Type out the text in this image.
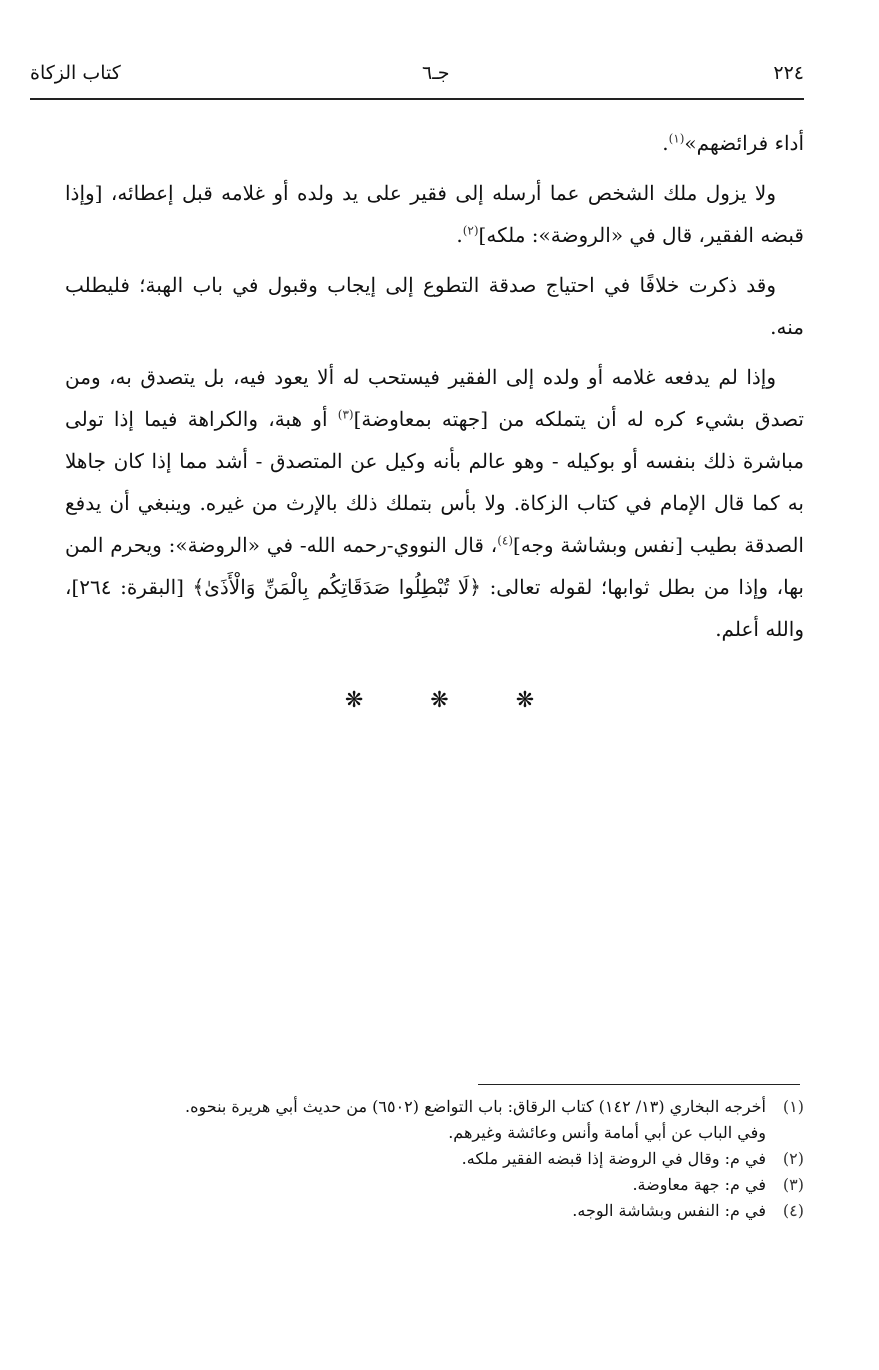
٢٢٤
جـ٦
كتاب الزكاة

أداء فرائضهم»$^{(١)}$.

ولا يزول ملك الشخص عما أرسله إلى فقير على يد ولده أو غلامه قبل إعطائه، [وإذا قبضه الفقير، قال في «الروضة»: ملكه]$^{(٢)}$.

وقد ذكرت خلافًا في احتياج صدقة التطوع إلى إيجاب وقبول في باب الهبة؛ فليطلب منه.

وإذا لم يدفعه غلامه أو ولده إلى الفقير فيستحب له ألا يعود فيه، بل يتصدق به، ومن تصدق بشيء كره له أن يتملكه من [جهته بمعاوضة]$^{(٣)}$ أو هبة، والكراهة فيما إذا تولى مباشرة ذلك بنفسه أو بوكيله - وهو عالم بأنه وكيل عن المتصدق - أشد مما إذا كان جاهلا به كما قال الإمام في كتاب الزكاة. ولا بأس بتملك ذلك بالإرث من غيره. وينبغي أن يدفع الصدقة بطيب [نفس وبشاشة وجه]$^{(٤)}$، قال النووي-رحمه الله- في «الروضة»: ويحرم المن بها، وإذا من بطل ثوابها؛ لقوله تعالى: ﴿لَا تُبْطِلُوا صَدَقَاتِكُم بِالْمَنِّ وَالْأَذَىٰ﴾ [البقرة: ٢٦٤]، والله أعلم.

❋ ❋ ❋
(١)
أخرجه البخاري (١٣/ ١٤٢) كتاب الرقاق: باب التواضع (٦٥٠٢) من حديث أبي هريرة بنحوه.
وفي الباب عن أبي أمامة وأنس وعائشة وغيرهم.
(٢)
في م: وقال في الروضة إذا قبضه الفقير ملكه.
(٣)
في م: جهة معاوضة.
(٤)
في م: النفس وبشاشة الوجه.
